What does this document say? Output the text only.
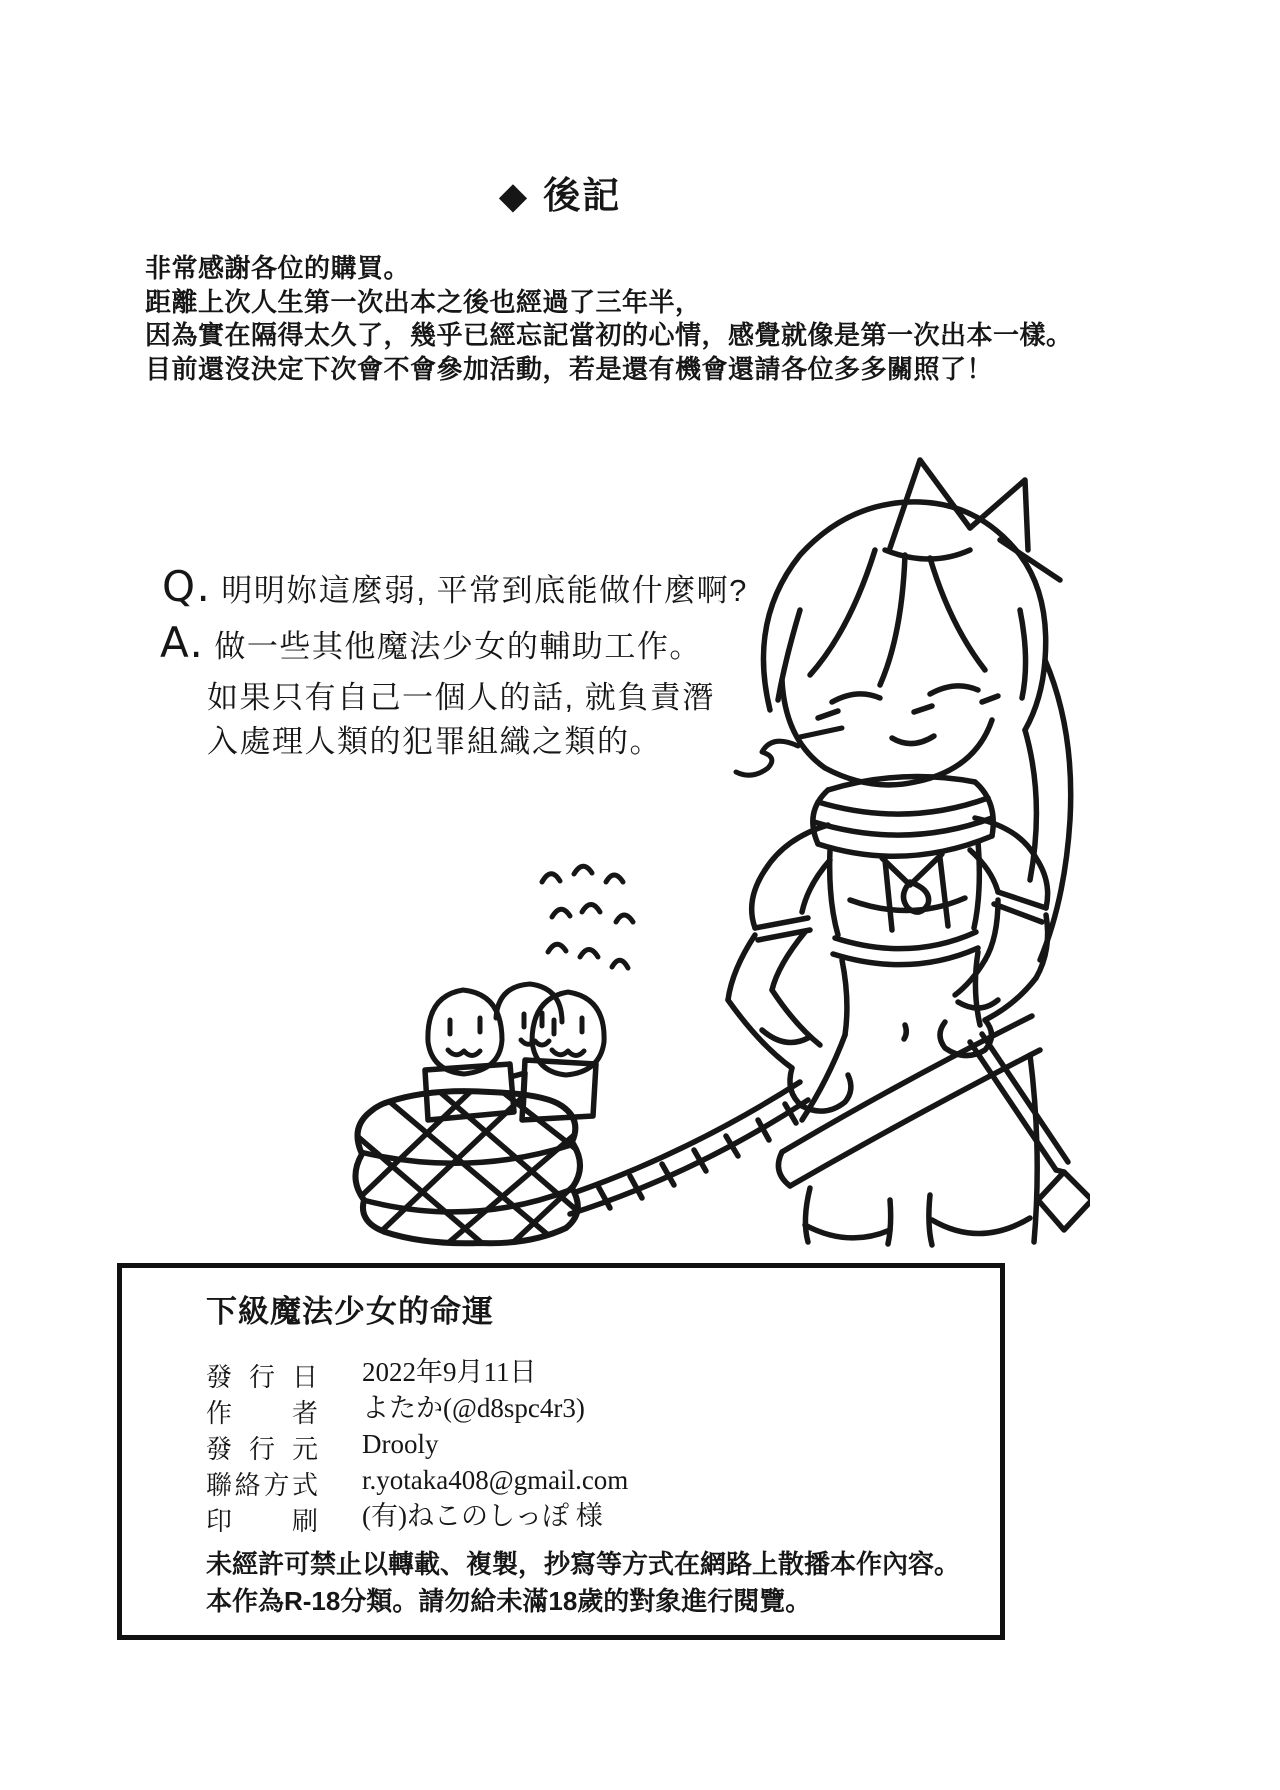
◆ 後記
非常感謝各位的購買。
距離上次人生第一次出本之後也經過了三年半，
因為實在隔得太久了，幾乎已經忘記當初的心情，感覺就像是第一次出本一樣。
目前還沒決定下次會不會參加活動，若是還有機會還請各位多多關照了！
Q. 明明妳這麼弱, 平常到底能做什麼啊?
A. 做一些其他魔法少女的輔助工作。
如果只有自己一個人的話, 就負責潛
入處理人類的犯罪組織之類的。
下級魔法少女的命運
發行日 2022年9月11日
作者 よたか(@d8spc4r3)
發行元 Drooly
聯絡方式 r.yotaka408@gmail.com
印刷 (有)ねこのしっぽ 様
未經許可禁止以轉載、複製，抄寫等方式在網路上散播本作內容。
本作為R-18分類。請勿給未滿18歲的對象進行閱覽。
